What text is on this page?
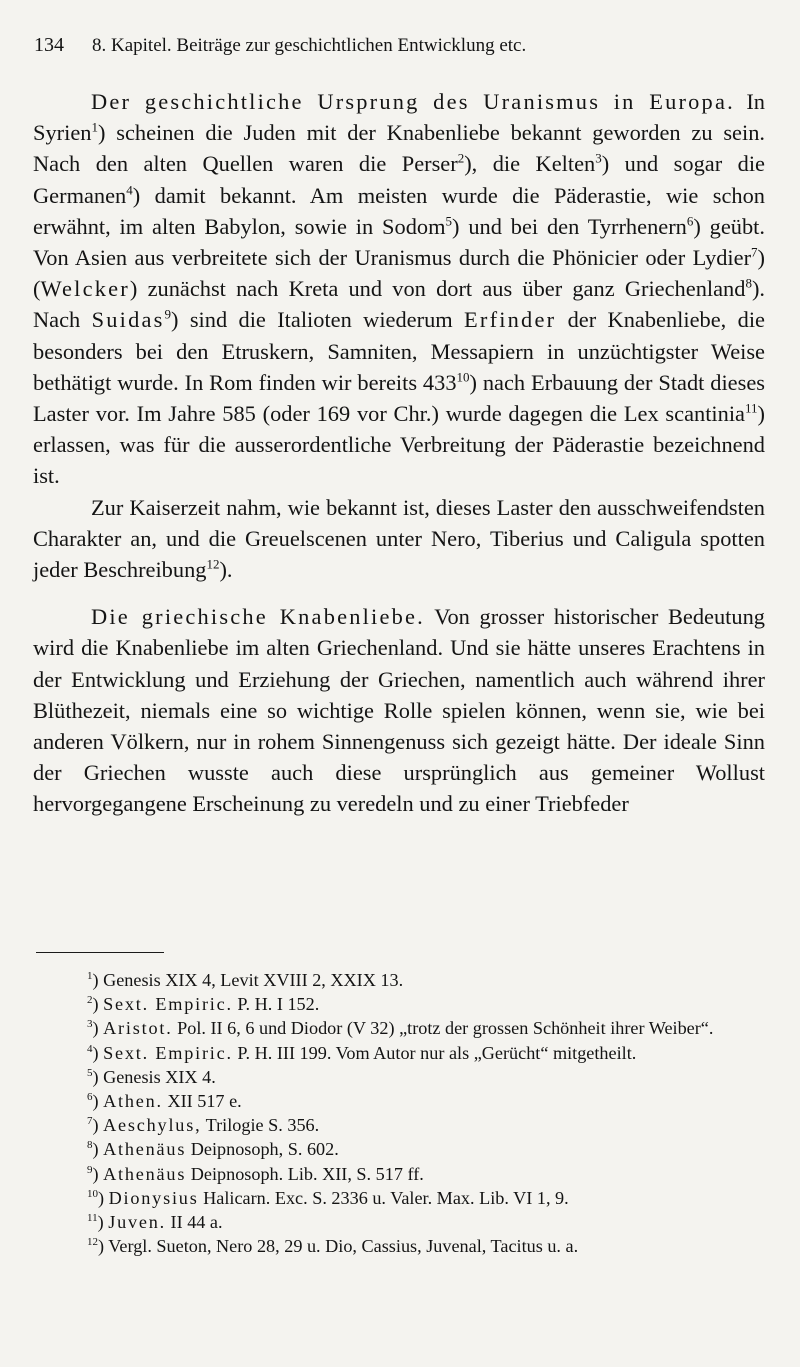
134 8. Kapitel. Beiträge zur geschichtlichen Entwicklung etc.

Der geschichtliche Ursprung des Uranismus in Europa. In Syrien$^1$) scheinen die Juden mit der Knabenliebe bekannt geworden zu sein. Nach den alten Quellen waren die Perser$^2$), die Kelten$^3$) und sogar die Germanen$^4$) damit bekannt. Am meisten wurde die Päderastie, wie schon erwähnt, im alten Babylon, sowie in Sodom$^5$) und bei den Tyrrhenern$^6$) geübt. Von Asien aus verbreitete sich der Uranismus durch die Phönicier oder Lydier$^7$) (Welcker) zunächst nach Kreta und von dort aus über ganz Griechenland$^8$). Nach Suidas$^9$) sind die Italioten wiederum Erfinder der Knabenliebe, die besonders bei den Etruskern, Samniten, Messapiern in unzüchtigster Weise bethätigt wurde. In Rom finden wir bereits $433^{10}$) nach Erbauung der Stadt dieses Laster vor. Im Jahre 585 (oder 169 vor Chr.) wurde dagegen die Lex scantinia$^{11}$) erlassen, was für die ausserordentliche Verbreitung der Päderastie bezeichnend ist.

Zur Kaiserzeit nahm, wie bekannt ist, dieses Laster den ausschweifendsten Charakter an, und die Greuelscenen unter Nero, Tiberius und Caligula spotten jeder Beschreibung$^{12}$).

Die griechische Knabenliebe. Von grosser historischer Bedeutung wird die Knabenliebe im alten Griechenland. Und sie hätte unseres Erachtens in der Entwicklung und Erziehung der Griechen, namentlich auch während ihrer Blüthezeit, niemals eine so wichtige Rolle spielen können, wenn sie, wie bei anderen Völkern, nur in rohem Sinnengenuss sich gezeigt hätte. Der ideale Sinn der Griechen wusste auch diese ursprünglich aus gemeiner Wollust hervorgegangene Erscheinung zu veredeln und zu einer Triebfeder

$^1$) Genesis XIX 4, Levit XVIII 2, XXIX 13.

$^2$) Sext. Empiric. P. H. I 152.

$^3$) Aristot. Pol. II 6, 6 und Diodor (V 32) „trotz der grossen Schönheit ihrer Weiber“.

$^4$) Sext. Empiric. P. H. III 199. Vom Autor nur als „Gerücht“ mitgetheilt.

$^5$) Genesis XIX 4.

$^6$) Athen. XII 517 e.

$^7$) Aeschylus, Trilogie S. 356.

$^8$) Athenäus Deipnosoph, S. 602.

$^9$) Athenäus Deipnosoph. Lib. XII, S. 517 ff.

$^{10}$) Dionysius Halicarn. Exc. S. 2336 u. Valer. Max. Lib. VI 1, 9.

$^{11}$) Juven. II 44 a.

$^{12}$) Vergl. Sueton, Nero 28, 29 u. Dio, Cassius, Juvenal, Tacitus u. a.
